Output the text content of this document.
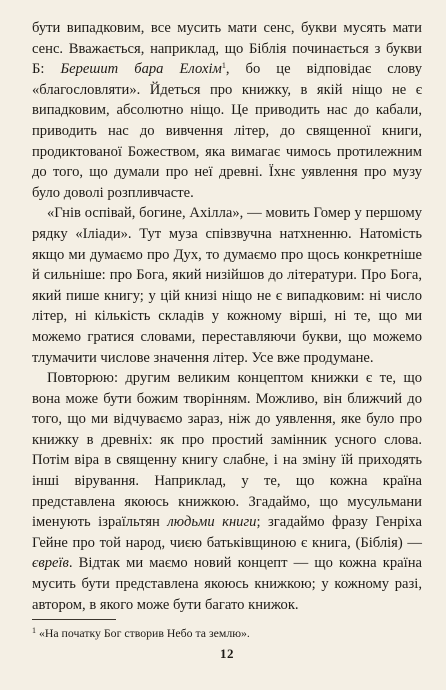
бути випадковим, все мусить мати сенс, букви мусять мати сенс. Вважається, наприклад, що Біблія починається з букви Б: Берешит бара Елохім$^1$, бо це відповідає слову «благословляти». Йдеться про книжку, в якій ніщо не є випадковим, абсолютно ніщо. Це приводить нас до кабали, приводить нас до вивчення літер, до священної книги, продиктованої Божеством, яка вимагає чимось протилежним до того, що думали про неї древні. Їхнє уявлення про музу було доволі розпливчасте.

«Гнів оспівай, богине, Ахілла», — мовить Гомер у першому рядку «Іліади». Тут муза співзвучна натхненню. Натомість якщо ми думаємо про Дух, то думаємо про щось конкретніше й сильніше: про Бога, який низійшов до літератури. Про Бога, який пише книгу; у цій книзі ніщо не є випадковим: ні число літер, ні кількість складів у кожному вірші, ні те, що ми можемо гратися словами, переставляючи букви, що можемо тлумачити числове значення літер. Усе вже продумане.

Повторюю: другим великим концептом книжки є те, що вона може бути божим творінням. Можливо, він ближчий до того, що ми відчуваємо зараз, ніж до уявлення, яке було про книжку в древніх: як про простий замінник усного слова. Потім віра в священну книгу слабне, і на зміну їй приходять інші вірування. Наприклад, у те, що кожна країна представлена якоюсь книжкою. Згадаймо, що мусульмани іменують ізраїльтян людьми книги; згадаймо фразу Генріха Гейне про той народ, чиєю батьківщиною є книга, (Біблія) — євреїв. Відтак ми маємо новий концепт — що кожна країна мусить бути представлена якоюсь книжкою; у кожному разі, автором, в якого може бути багато книжок.

$^1$ «На початку Бог створив Небо та землю».

12
